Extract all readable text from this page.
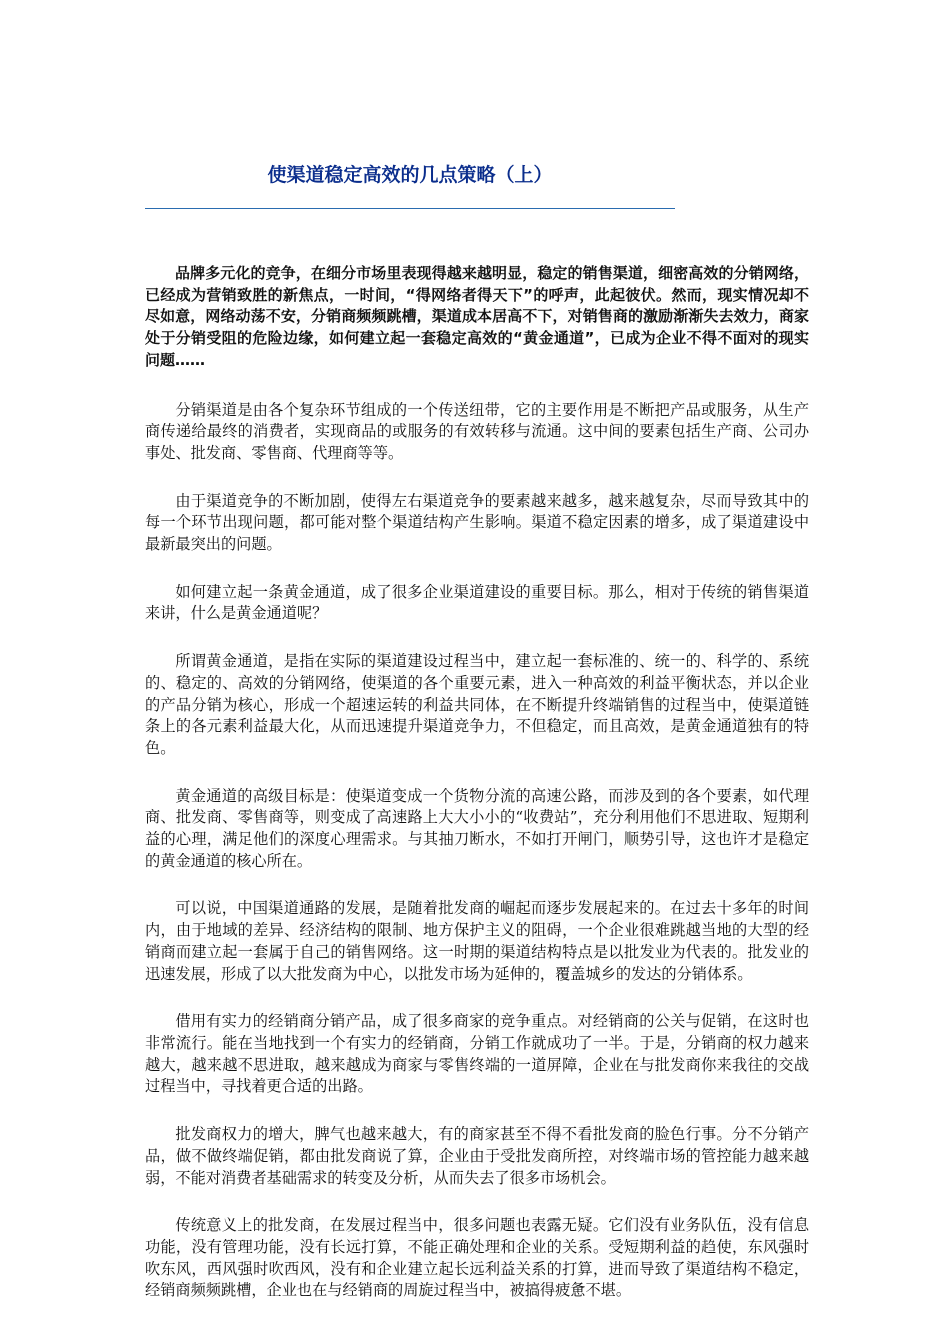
使渠道稳定高效的几点策略（上）

品牌多元化的竞争，在细分市场里表现得越来越明显，稳定的销售渠道，细密高效的分销网络，已经成为营销致胜的新焦点，一时间，“得网络者得天下”的呼声，此起彼伏。然而，现实情况却不尽如意，网络动荡不安，分销商频频跳槽，渠道成本居高不下，对销售商的激励渐渐失去效力，商家处于分销受阻的危险边缘，如何建立起一套稳定高效的“黄金通道”，已成为企业不得不面对的现实问题……

分销渠道是由各个复杂环节组成的一个传送纽带，它的主要作用是不断把产品或服务，从生产商传递给最终的消费者，实现商品的或服务的有效转移与流通。这中间的要素包括生产商、公司办事处、批发商、零售商、代理商等等。

由于渠道竞争的不断加剧，使得左右渠道竞争的要素越来越多，越来越复杂，尽而导致其中的每一个环节出现问题，都可能对整个渠道结构产生影响。渠道不稳定因素的增多，成了渠道建设中最新最突出的问题。

如何建立起一条黄金通道，成了很多企业渠道建设的重要目标。那么，相对于传统的销售渠道来讲，什么是黄金通道呢？

所谓黄金通道，是指在实际的渠道建设过程当中，建立起一套标准的、统一的、科学的、系统的、稳定的、高效的分销网络，使渠道的各个重要元素，进入一种高效的利益平衡状态，并以企业的产品分销为核心，形成一个超速运转的利益共同体，在不断提升终端销售的过程当中，使渠道链条上的各元素利益最大化，从而迅速提升渠道竞争力，不但稳定，而且高效，是黄金通道独有的特色。

黄金通道的高级目标是：使渠道变成一个货物分流的高速公路，而涉及到的各个要素，如代理商、批发商、零售商等，则变成了高速路上大大小小的“收费站”，充分利用他们不思进取、短期利益的心理，满足他们的深度心理需求。与其抽刀断水，不如打开闸门，顺势引导，这也许才是稳定的黄金通道的核心所在。

可以说，中国渠道通路的发展，是随着批发商的崛起而逐步发展起来的。在过去十多年的时间内，由于地域的差异、经济结构的限制、地方保护主义的阻碍，一个企业很难跳越当地的大型的经销商而建立起一套属于自己的销售网络。这一时期的渠道结构特点是以批发业为代表的。批发业的迅速发展，形成了以大批发商为中心，以批发市场为延伸的，覆盖城乡的发达的分销体系。

借用有实力的经销商分销产品，成了很多商家的竞争重点。对经销商的公关与促销，在这时也非常流行。能在当地找到一个有实力的经销商，分销工作就成功了一半。于是，分销商的权力越来越大，越来越不思进取，越来越成为商家与零售终端的一道屏障，企业在与批发商你来我往的交战过程当中，寻找着更合适的出路。

批发商权力的增大，脾气也越来越大，有的商家甚至不得不看批发商的脸色行事。分不分销产品，做不做终端促销，都由批发商说了算，企业由于受批发商所控，对终端市场的管控能力越来越弱，不能对消费者基础需求的转变及分析，从而失去了很多市场机会。

传统意义上的批发商，在发展过程当中，很多问题也表露无疑。它们没有业务队伍，没有信息功能，没有管理功能，没有长远打算，不能正确处理和企业的关系。受短期利益的趋使，东风强时吹东风，西风强时吹西风，没有和企业建立起长远利益关系的打算，进而导致了渠道结构不稳定，经销商频频跳槽，企业也在与经销商的周旋过程当中，被搞得疲惫不堪。
